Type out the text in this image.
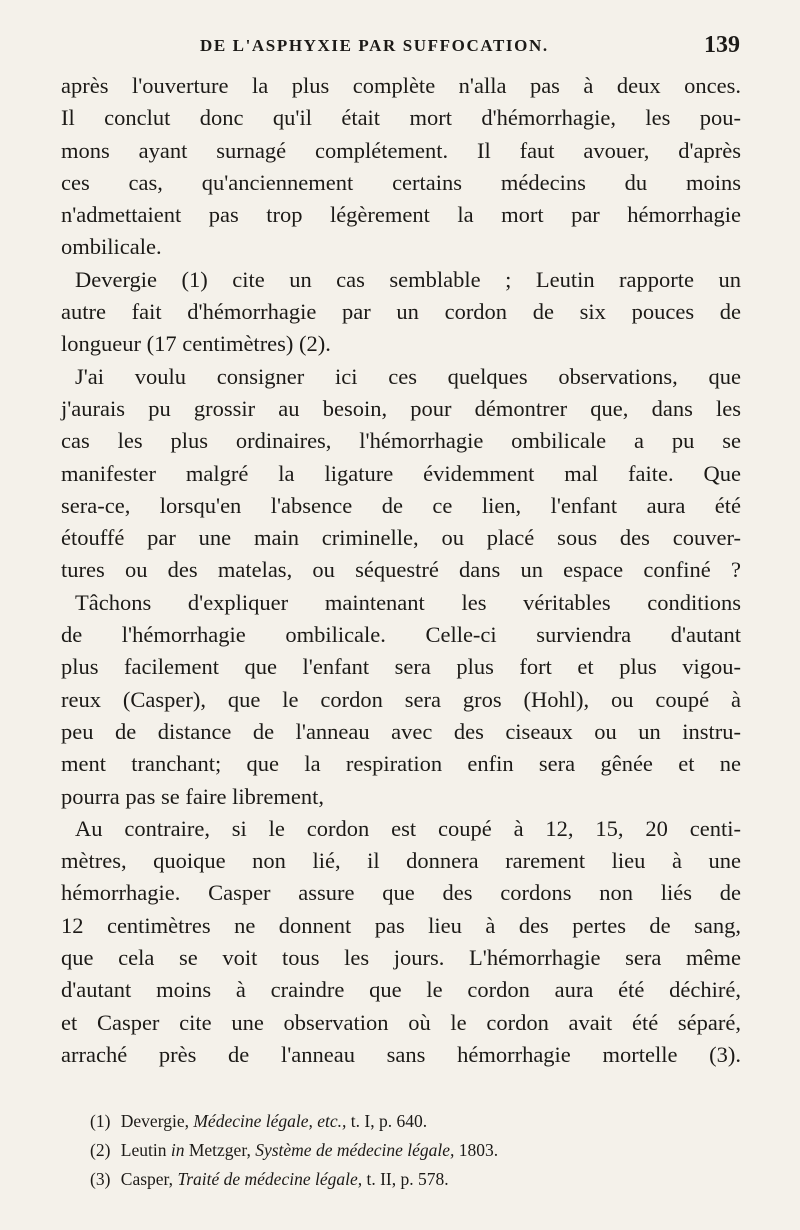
DE L'ASPHYXIE PAR SUFFOCATION.	139
après l'ouverture la plus complète n'alla pas à deux onces.
Il conclut donc qu'il était mort d'hémorrhagie, les pou-
mons ayant surnagé complétement. Il faut avouer, d'après
ces cas, qu'anciennement certains médecins du moins
n'admettaient pas trop légèrement la mort par hémorrhagie
ombilicale.
Devergie (1) cite un cas semblable ; Leutin rapporte un
autre fait d'hémorrhagie par un cordon de six pouces de
longueur (17 centimètres) (2).
J'ai voulu consigner ici ces quelques observations, que
j'aurais pu grossir au besoin, pour démontrer que, dans les
cas les plus ordinaires, l'hémorrhagie ombilicale a pu se
manifester malgré la ligature évidemment mal faite. Que
sera-ce, lorsqu'en l'absence de ce lien, l'enfant aura été
étouffé par une main criminelle, ou placé sous des couver-
tures ou des matelas, ou séquestré dans un espace confiné ?
Tâchons d'expliquer maintenant les véritables conditions
de l'hémorrhagie ombilicale. Celle-ci surviendra d'autant
plus facilement que l'enfant sera plus fort et plus vigou-
reux (Casper), que le cordon sera gros (Hohl), ou coupé à
peu de distance de l'anneau avec des ciseaux ou un instru-
ment tranchant; que la respiration enfin sera gênée et ne
pourra pas se faire librement,
Au contraire, si le cordon est coupé à 12, 15, 20 centi-
mètres, quoique non lié, il donnera rarement lieu à une
hémorrhagie. Casper assure que des cordons non liés de
12 centimètres ne donnent pas lieu à des pertes de sang,
que cela se voit tous les jours. L'hémorrhagie sera même
d'autant moins à craindre que le cordon aura été déchiré,
et Casper cite une observation où le cordon avait été séparé,
arraché près de l'anneau sans hémorrhagie mortelle (3).
(1) Devergie, Médecine légale, etc., t. I, p. 640.
(2) Leutin in Metzger, Système de médecine légale, 1803.
(3) Casper, Traité de médecine légale, t. II, p. 578.
